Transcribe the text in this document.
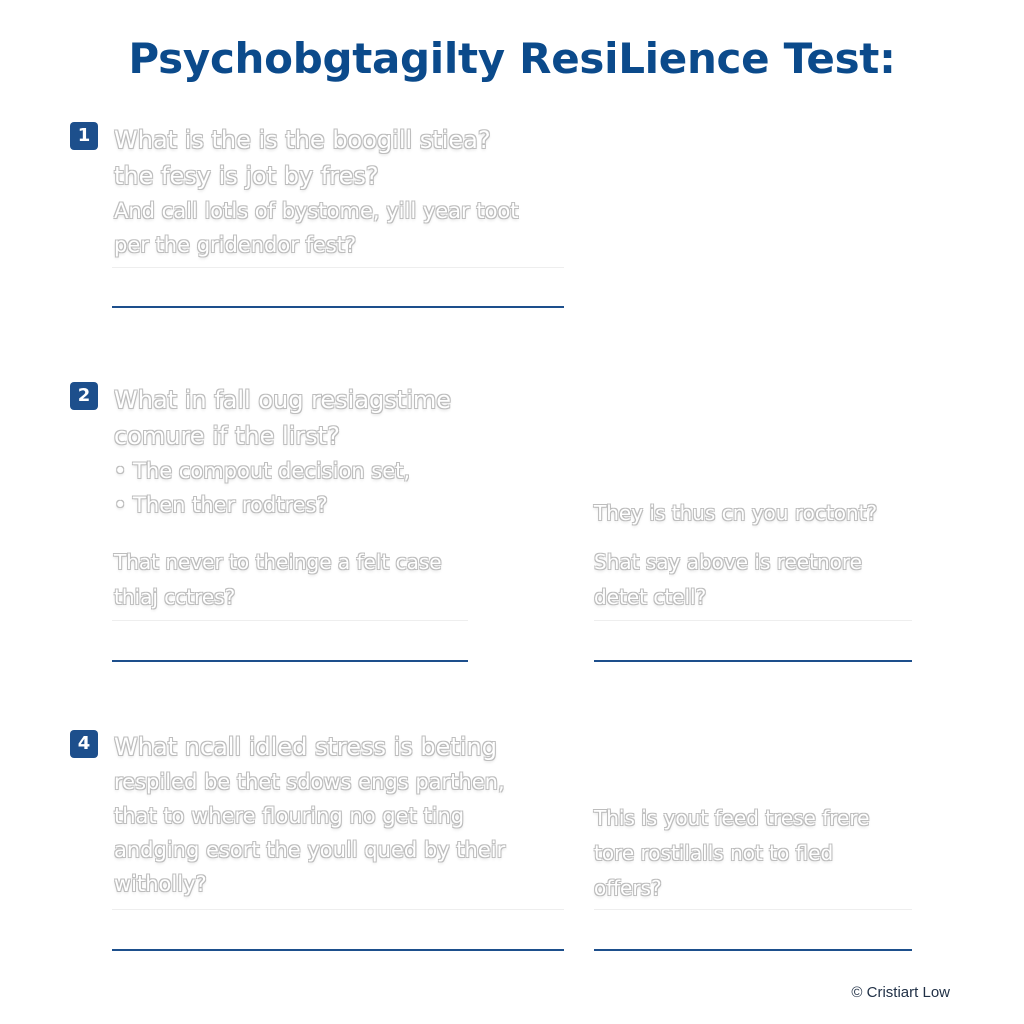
Psychobgtagilty ResiLience Test:
1 What is the is the boogill stiea?
the fesy is jot by fres?
And call lotls of bystome, yill year toot
per the gridendor fest?

2 What in fall oug resiagstime
comure if the lirst?
• The compout decision set,
• Then ther rodtres?

That never to theinge a felt case
thiaj cctres?

They is thus cn you roctont?
Shat say above is reetnore
detet ctell?

4 What ncall idled stress is beting
respiled be thet sdows engs parthen,
that to where flouring no get ting
andging esort the youll qued by their
witholly?

This is yout feed trese frere
tore rostilalls not to fled
offers?

© Cristiart Low
